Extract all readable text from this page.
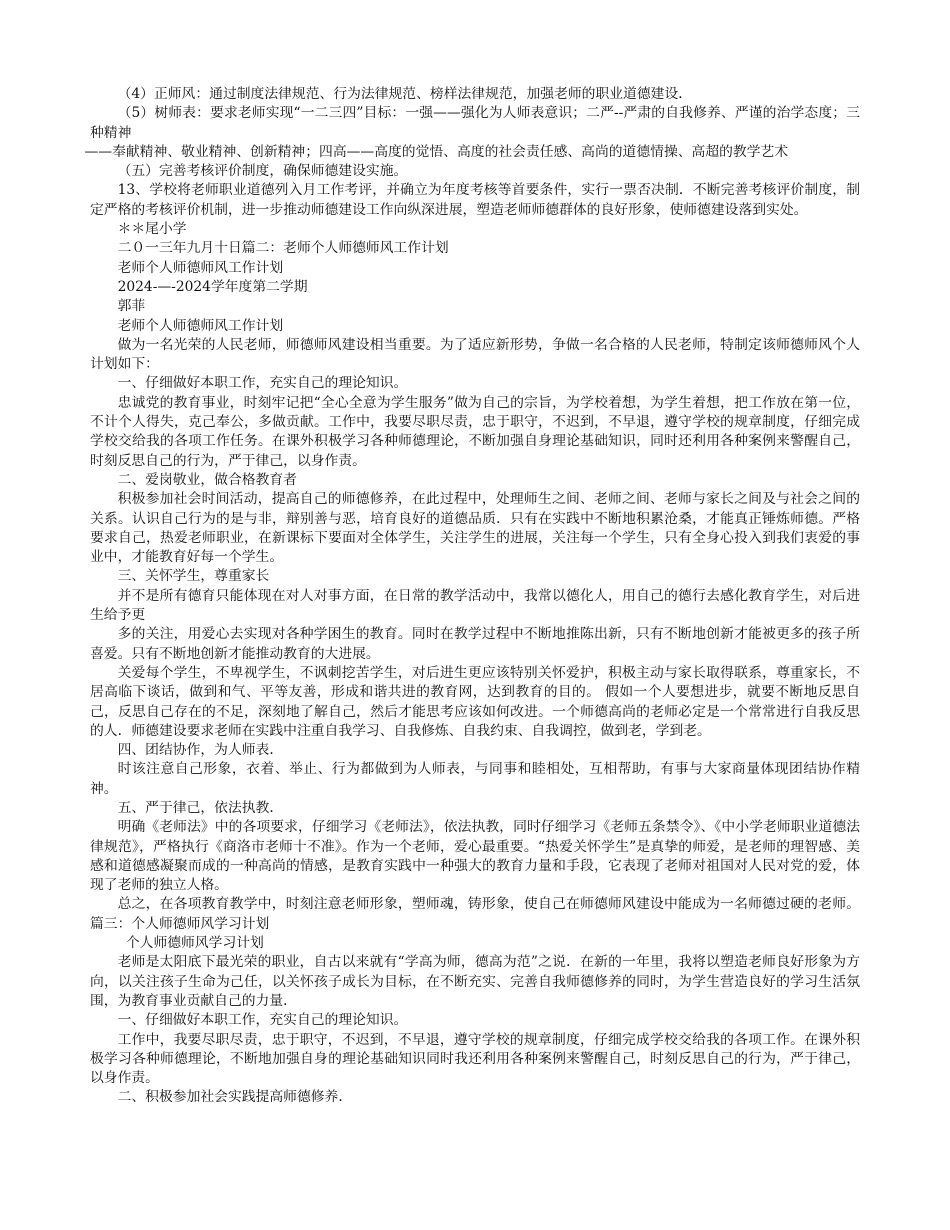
（4）正师风：通过制度法律规范、行为法律规范、榜样法律规范，加强老师的职业道德建设．

（5）树师表：要求老师实现“一二三四”目标：一强——强化为人师表意识；二严--严肃的自我修养、严谨的治学态度；三种精神

——奉献精神、敬业精神、创新精神；四高——高度的觉悟、高度的社会责任感、高尚的道德情操、高超的教学艺术

（五）完善考核评价制度，确保师德建设实施。

13、学校将老师职业道德列入月工作考评，并确立为年度考核等首要条件，实行一票否决制．不断完善考核评价制度，制定严格的考核评价机制，进一步推动师德建设工作向纵深进展，塑造老师师德群体的良好形象，使师德建设落到实处。

＊＊尾小学

二０一三年九月十日篇二：老师个人师德师风工作计划

老师个人师德师风工作计划

2024-—-2024学年度第二学期

郭菲

老师个人师德师风工作计划

做为一名光荣的人民老师，师德师风建设相当重要。为了适应新形势，争做一名合格的人民老师，特制定该师德师风个人计划如下：

一、仔细做好本职工作，充实自己的理论知识。

忠诚党的教育事业，时刻牢记把“全心全意为学生服务”做为自己的宗旨，为学校着想，为学生着想，把工作放在第一位，不计个人得失，克己奉公，多做贡献。工作中，我要尽职尽责，忠于职守，不迟到，不早退，遵守学校的规章制度，仔细完成学校交给我的各项工作任务。在课外积极学习各种师德理论，不断加强自身理论基础知识，同时还利用各种案例来警醒自己，时刻反思自己的行为，严于律己，以身作责。

二、爱岗敬业，做合格教育者

积极参加社会时间活动，提高自己的师德修养，在此过程中，处理师生之间、老师之间、老师与家长之间及与社会之间的关系。认识自己行为的是与非，辩别善与恶，培育良好的道德品质．只有在实践中不断地积累沧桑，才能真正锤炼师德。严格要求自己，热爱老师职业，在新课标下要面对全体学生，关注学生的进展，关注每一个学生，只有全身心投入到我们衷爱的事业中，才能教育好每一个学生。

三、关怀学生，尊重家长

并不是所有德育只能体现在对人对事方面，在日常的教学活动中，我常以德化人，用自己的德行去感化教育学生，对后进生给予更

多的关注，用爱心去实现对各种学困生的教育。同时在教学过程中不断地推陈出新，只有不断地创新才能被更多的孩子所喜爱。只有不断地创新才能推动教育的大进展。

关爱每个学生，不卑视学生，不讽刺挖苦学生，对后进生更应该特别关怀爱护，积极主动与家长取得联系，尊重家长，不居高临下谈话，做到和气、平等友善，形成和谐共进的教育网，达到教育的目的。 假如一个人要想进步，就要不断地反思自己，反思自己存在的不足，深刻地了解自己，然后才能思考应该如何改进。一个师德高尚的老师必定是一个常常进行自我反思的人．师德建设要求老师在实践中注重自我学习、自我修炼、自我约束、自我调控，做到老，学到老。

四、团结协作，为人师表．

时该注意自己形象，衣着、举止、行为都做到为人师表，与同事和睦相处，互相帮助，有事与大家商量体现团结协作精神。

五、严于律己，依法执教．

明确《老师法》中的各项要求，仔细学习《老师法》，依法执教，同时仔细学习《老师五条禁令》、《中小学老师职业道德法律规范》，严格执行《商洛市老师十不准》。作为一个老师，爱心最重要。“热爱关怀学生”是真挚的师爱，是老师的理智感、美感和道德感凝聚而成的一种高尚的情感，是教育实践中一种强大的教育力量和手段，它表现了老师对祖国对人民对党的爱，体现了老师的独立人格。

总之，在各项教育教学中，时刻注意老师形象，塑师魂，铸形象，使自己在师德师风建设中能成为一名师德过硬的老师。篇三：个人师德师风学习计划

个人师德师风学习计划

老师是太阳底下最光荣的职业，自古以来就有“学高为师，德高为范”之说．在新的一年里，我将以塑造老师良好形象为方向，以关注孩子生命为己任，以关怀孩子成长为目标，在不断充实、完善自我师德修养的同时，为学生营造良好的学习生活氛围，为教育事业贡献自己的力量．

一、仔细做好本职工作，充实自己的理论知识。

工作中，我要尽职尽责，忠于职守，不迟到，不早退，遵守学校的规章制度，仔细完成学校交给我的各项工作。在课外积极学习各种师德理论，不断地加强自身的理论基础知识同时我还利用各种案例来警醒自己，时刻反思自己的行为，严于律己，以身作责。

二、积极参加社会实践提高师德修养．
